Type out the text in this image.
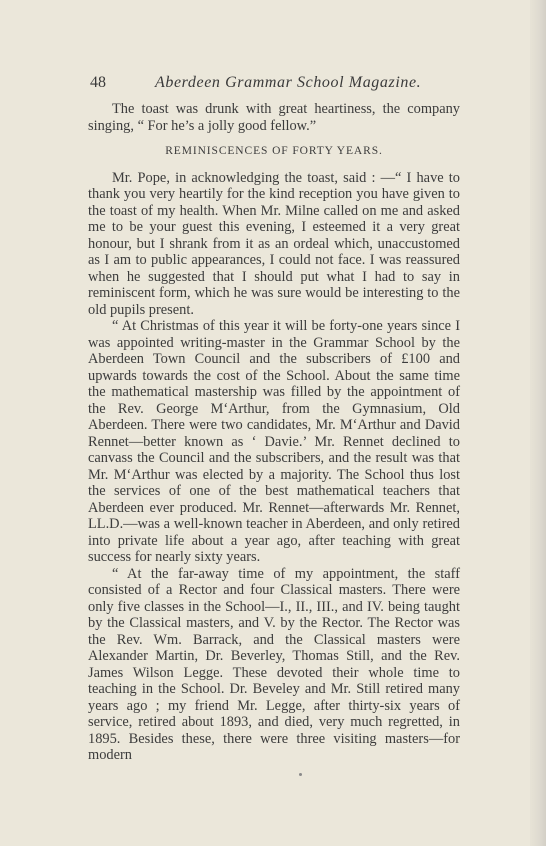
48	Aberdeen Grammar School Magazine.

The toast was drunk with great heartiness, the company singing, “ For he’s a jolly good fellow.”

REMINISCENCES OF FORTY YEARS.

Mr. Pope, in acknowledging the toast, said : —“ I have to thank you very heartily for the kind reception you have given to the toast of my health. When Mr. Milne called on me and asked me to be your guest this evening, I esteemed it a very great honour, but I shrank from it as an ordeal which, unaccustomed as I am to public appearances, I could not face. I was reassured when he suggested that I should put what I had to say in reminiscent form, which he was sure would be interesting to the old pupils present.

“ At Christmas of this year it will be forty-one years since I was appointed writing-master in the Grammar School by the Aberdeen Town Council and the subscribers of £100 and upwards towards the cost of the School. About the same time the mathematical mastership was filled by the appointment of the Rev. George M‘Arthur, from the Gymnasium, Old Aberdeen. There were two candidates, Mr. M‘Arthur and David Rennet—better known as ‘ Davie.’ Mr. Rennet declined to canvass the Council and the subscribers, and the result was that Mr. M‘Arthur was elected by a majority. The School thus lost the services of one of the best mathematical teachers that Aberdeen ever produced. Mr. Rennet—afterwards Mr. Rennet, LL.D.—was a well-known teacher in Aberdeen, and only retired into private life about a year ago, after teaching with great success for nearly sixty years.

“ At the far-away time of my appointment, the staff consisted of a Rector and four Classical masters. There were only five classes in the School—I., II., III., and IV. being taught by the Classical masters, and V. by the Rector. The Rector was the Rev. Wm. Barrack, and the Classical masters were Alexander Martin, Dr. Beverley, Thomas Still, and the Rev. James Wilson Legge. These devoted their whole time to teaching in the School. Dr. Beveley and Mr. Still retired many years ago ; my friend Mr. Legge, after thirty-six years of service, retired about 1893, and died, very much regretted, in 1895. Besides these, there were three visiting masters—for modern
